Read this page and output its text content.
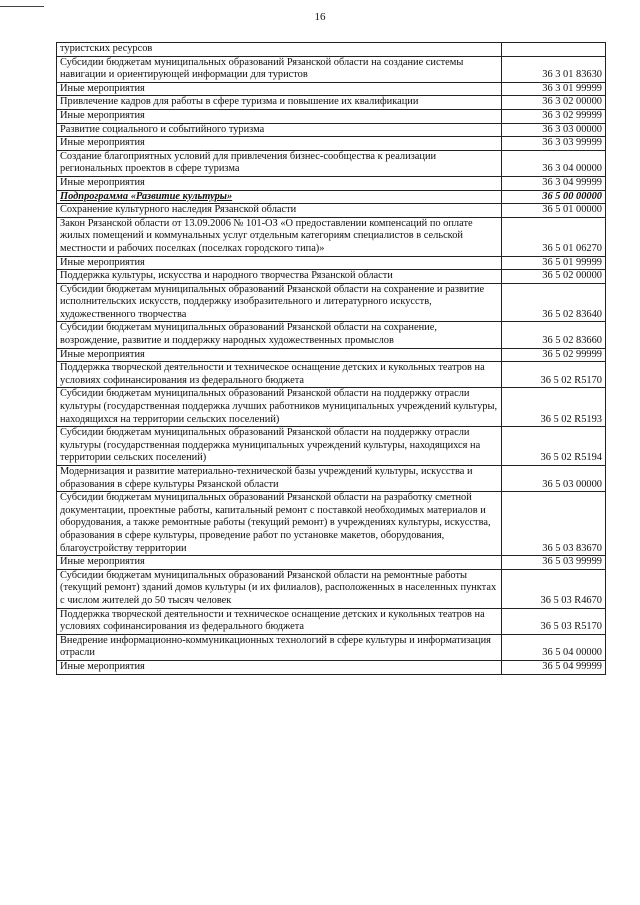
16
туристских ресурсов	
Субсидии бюджетам муниципальных образований Рязанской области на создание системы навигации и ориентирующей информации для туристов	36 3 01 83630
Иные мероприятия	36 3 01 99999
Привлечение кадров для работы в сфере туризма и повышение их квалификации	36 3 02 00000
Иные мероприятия	36 3 02 99999
Развитие социального и событийного туризма	36 3 03 00000
Иные мероприятия	36 3 03 99999
Создание благоприятных условий для привлечения бизнес-сообщества к реализации региональных проектов в сфере туризма	36 3 04 00000
Иные мероприятия	36 3 04 99999
Подпрограмма «Развитие культуры»	36 5 00 00000
Сохранение культурного наследия Рязанской области	36 5 01 00000
Закон Рязанской области от 13.09.2006 № 101-ОЗ «О предоставлении компенсаций по оплате жилых помещений и коммунальных услуг отдельным категориям специалистов в сельской местности и рабочих поселках (поселках городского типа)»	36 5 01 06270
Иные мероприятия	36 5 01 99999
Поддержка культуры, искусства и народного творчества Рязанской области	36 5 02 00000
Субсидии бюджетам муниципальных образований Рязанской области на сохранение и развитие исполнительских искусств, поддержку изобразительного и литературного искусств, художественного творчества	36 5 02 83640
Субсидии бюджетам муниципальных образований Рязанской области на сохранение, возрождение, развитие и поддержку народных художественных промыслов	36 5 02 83660
Иные мероприятия	36 5 02 99999
Поддержка творческой деятельности и техническое оснащение детских и кукольных театров на условиях софинансирования из федерального бюджета	36 5 02 R5170
Субсидии бюджетам муниципальных образований Рязанской области на поддержку отрасли культуры (государственная поддержка лучших работников муниципальных учреждений культуры, находящихся на территории сельских поселений)	36 5 02 R5193
Субсидии бюджетам муниципальных образований Рязанской области на поддержку отрасли культуры (государственная поддержка муниципальных учреждений культуры, находящихся на территории сельских поселений)	36 5 02 R5194
Модернизация и развитие материально-технической базы учреждений культуры, искусства и образования в сфере культуры Рязанской области	36 5 03 00000
Субсидии бюджетам муниципальных образований Рязанской области на разработку сметной документации, проектные работы, капитальный ремонт с поставкой необходимых материалов и оборудования, а также ремонтные работы (текущий ремонт) в учреждениях культуры, искусства, образования в сфере культуры, проведение работ по установке макетов, оборудования, благоустройству территории	36 5 03 83670
Иные мероприятия	36 5 03 99999
Субсидии бюджетам муниципальных образований Рязанской области на ремонтные работы (текущий ремонт) зданий домов культуры (и их филиалов), расположенных в населенных пунктах с числом жителей до 50 тысяч человек	36 5 03 R4670
Поддержка творческой деятельности и техническое оснащение детских и кукольных театров на условиях софинансирования из федерального бюджета	36 5 03 R5170
Внедрение информационно-коммуникационных технологий в сфере культуры и информатизация отрасли	36 5 04 00000
Иные мероприятия	36 5 04 99999
